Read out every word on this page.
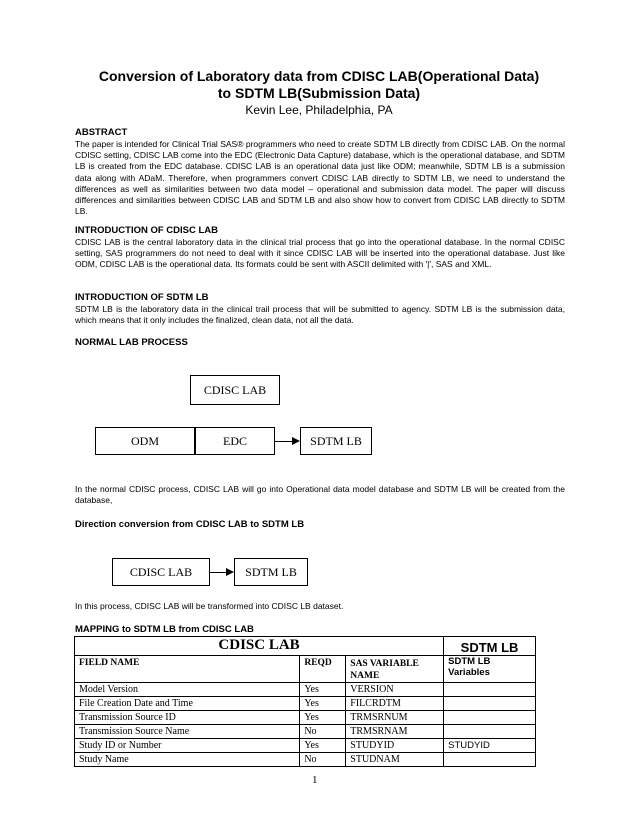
Conversion of Laboratory data from CDISC LAB(Operational Data)
to SDTM LB(Submission Data)
Kevin Lee, Philadelphia, PA
ABSTRACT
The paper is intended for Clinical Trial SAS® programmers who need to create SDTM LB directly from CDISC LAB. On the normal CDISC setting, CDISC LAB come into the EDC (Electronic Data Capture) database, which is the operational database, and SDTM LB is created from the EDC database. CDISC LAB is an operational data just like ODM; meanwhile, SDTM LB is a submission data along with ADaM. Therefore, when programmers convert CDISC LAB directly to SDTM LB, we need to understand the differences as well as similarities between two data model – operational and submission data model. The paper will discuss differences and similarities between CDISC LAB and SDTM LB and also show how to convert from CDISC LAB directly to SDTM LB.
INTRODUCTION OF CDISC LAB
CDISC LAB is the central laboratory data in the clinical trial process that go into the operational database. In the normal CDISC setting, SAS programmers do not need to deal with it since CDISC LAB will be inserted into the operational database. Just like ODM, CDISC LAB is the operational data. Its formats could be sent with ASCII delimited with '|', SAS and XML.
INTRODUCTION OF SDTM LB
SDTM LB is the laboratory data in the clinical trail process that will be submitted to agency. SDTM LB is the submission data, which means that it only includes the finalized, clean data, not all the data.
NORMAL LAB PROCESS
CDISC LAB
ODM	EDC	SDTM LB
In the normal CDISC process, CDISC LAB will go into Operational data model database and SDTM LB will be created from the database,
Direction conversion from CDISC LAB to SDTM LB
CDISC LAB	SDTM LB
In this process, CDISC LAB will be transformed into CDISC LB dataset.
MAPPING to SDTM LB from CDISC LAB
CDISC LAB			SDTM LB
FIELD NAME	REQD	SAS VARIABLE NAME	SDTM LB Variables
Model Version	Yes	VERSION	
File Creation Date and Time	Yes	FILCRDTM	
Transmission Source ID	Yes	TRMSRNUM	
Transmission Source Name	No	TRMSRNAM	
Study ID or Number	Yes	STUDYID	STUDYID
Study Name	No	STUDNAM	
1
